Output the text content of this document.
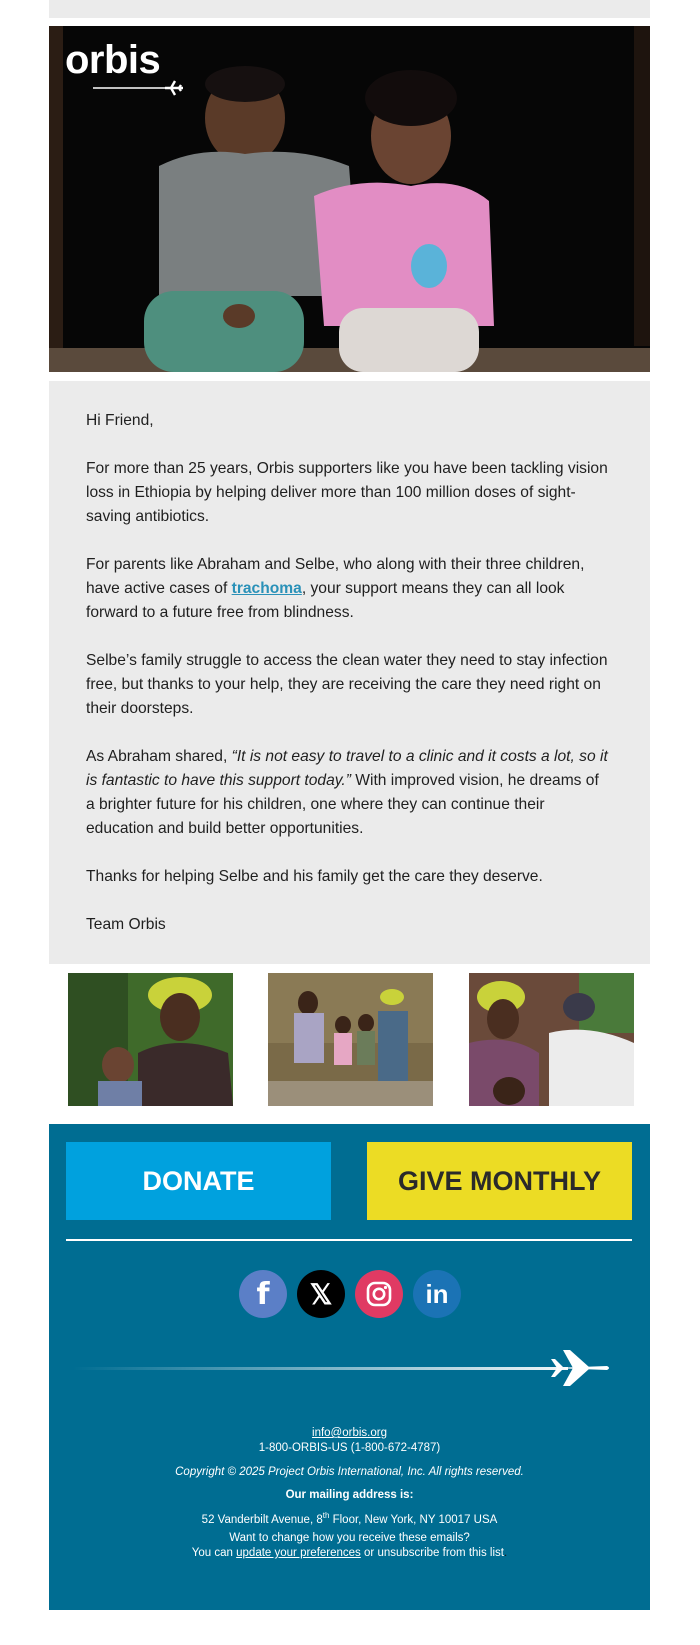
orbis

Hi Friend,

For more than 25 years, Orbis supporters like you have been tackling vision loss in Ethiopia by helping deliver more than 100 million doses of sight-saving antibiotics.

For parents like Abraham and Selbe, who along with their three children, have active cases of trachoma, your support means they can all look forward to a future free from blindness.

Selbe’s family struggle to access the clean water they need to stay infection free, but thanks to your help, they are receiving the care they need right on their doorsteps.

As Abraham shared, “It is not easy to travel to a clinic and it costs a lot, so it is fantastic to have this support today.” With improved vision, he dreams of a brighter future for his children, one where they can continue their education and build better opportunities.

Thanks for helping Selbe and his family get the care they deserve.

Team Orbis

DONATE	GIVE MONTHLY
f	𝕏	in
info@orbis.org
1-800-ORBIS-US (1-800-672-4787)
Copyright © 2025 Project Orbis International, Inc. All rights reserved.
Our mailing address is:
52 Vanderbilt Avenue, 8th Floor, New York, NY 10017 USA
Want to change how you receive these emails?
You can update your preferences or unsubscribe from this list.
